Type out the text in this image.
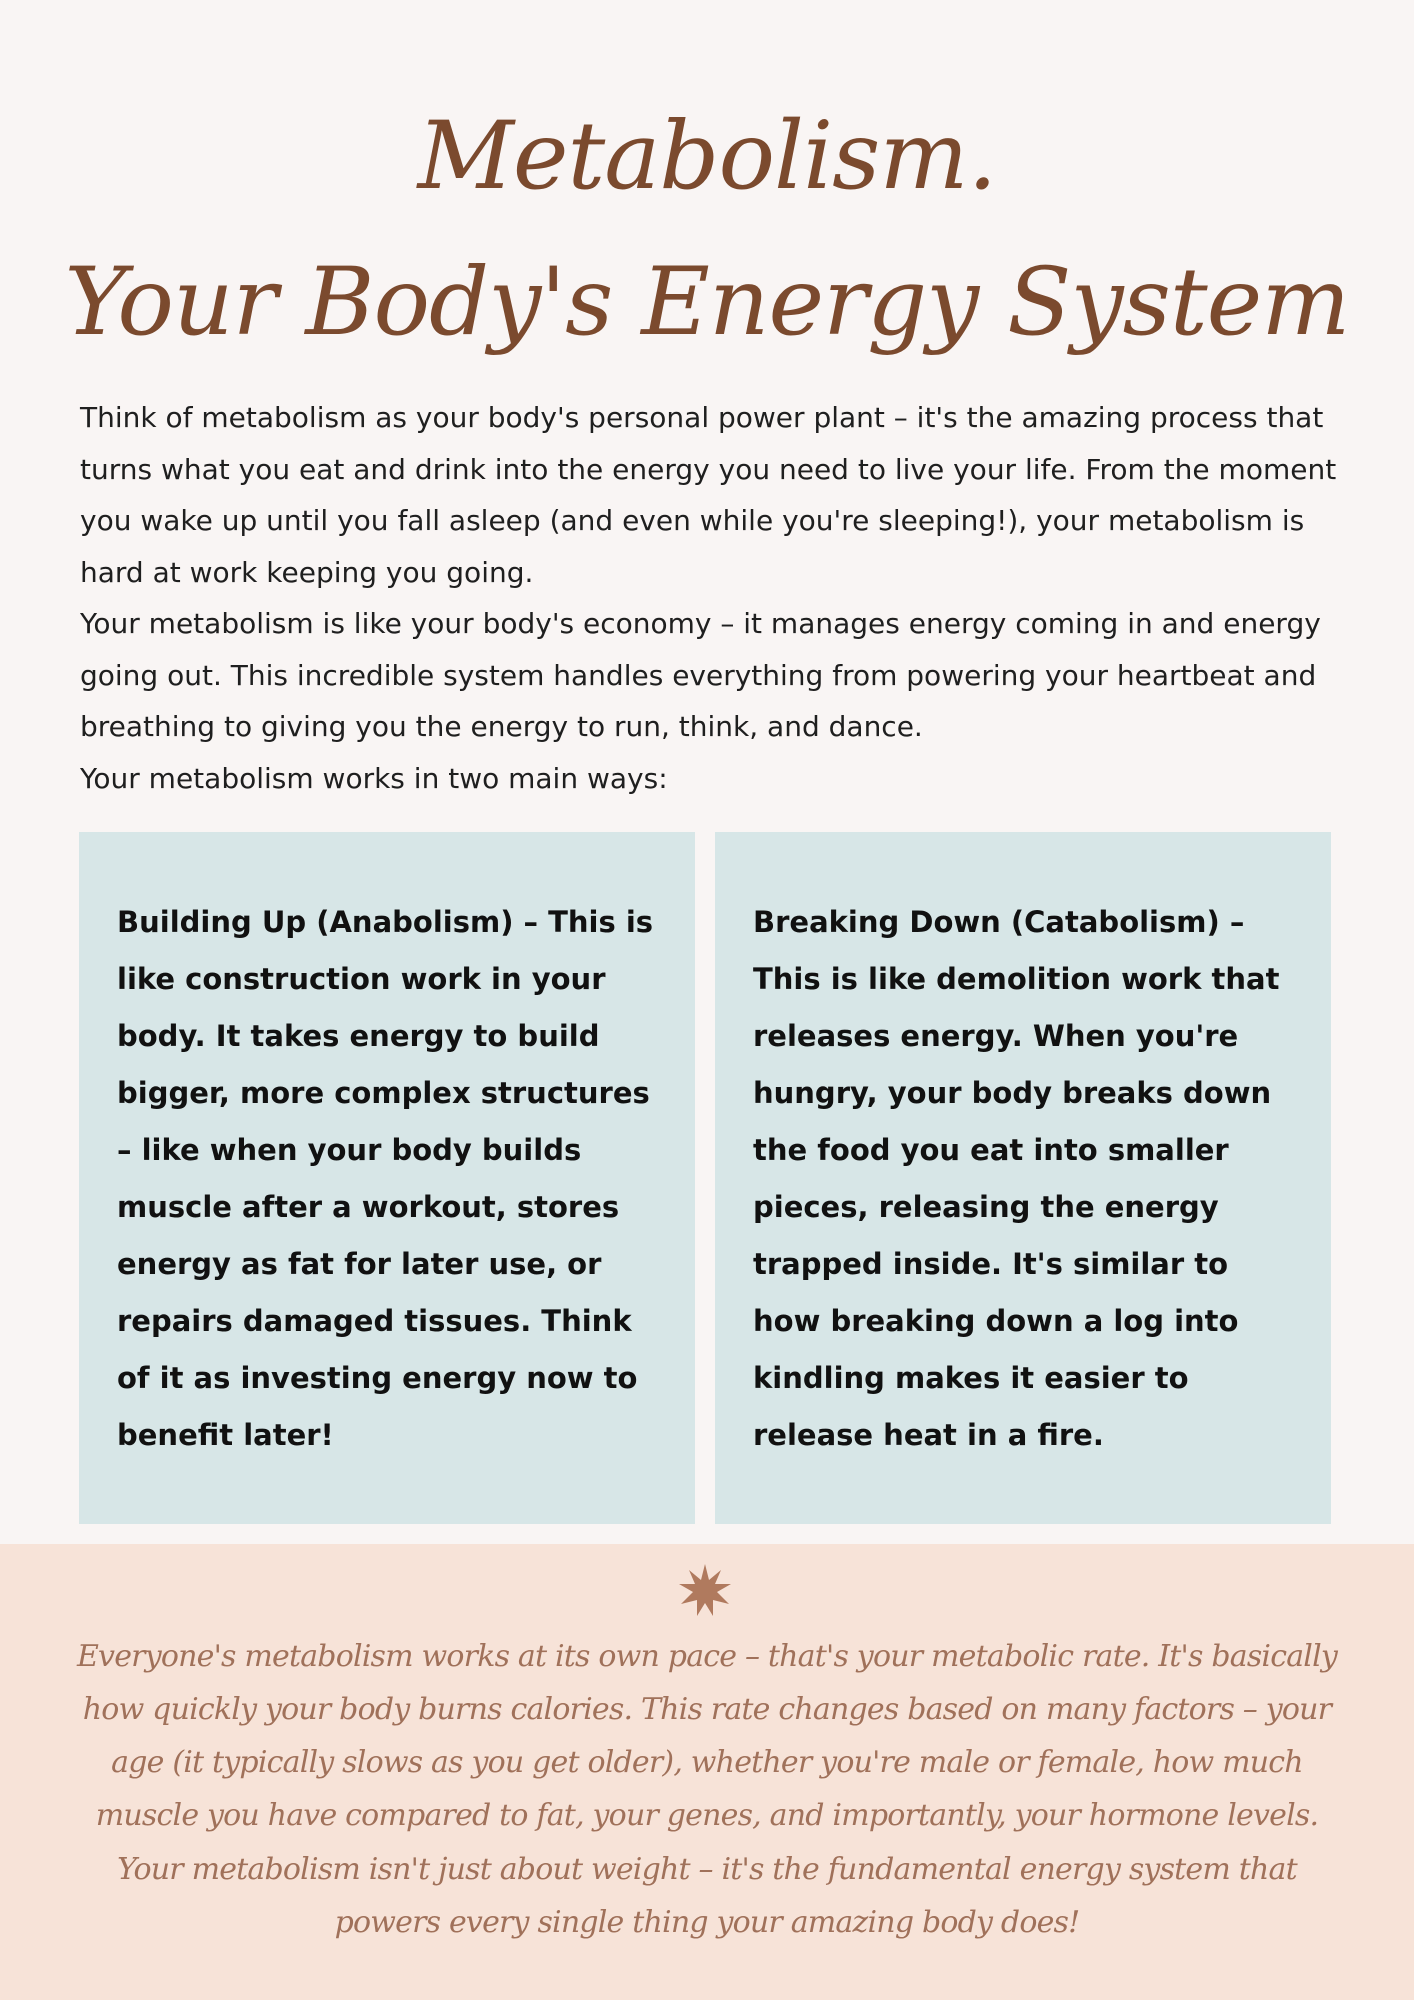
Metabolism.
Your Body's Energy System

Think of metabolism as your body's personal power plant – it's the amazing process that turns what you eat and drink into the energy you need to live your life. From the moment you wake up until you fall asleep (and even while you're sleeping!), your metabolism is hard at work keeping you going.

Your metabolism is like your body's economy – it manages energy coming in and energy going out. This incredible system handles everything from powering your heartbeat and breathing to giving you the energy to run, think, and dance.

Your metabolism works in two main ways:

Building Up (Anabolism) – This is like construction work in your body. It takes energy to build bigger, more complex structures – like when your body builds muscle after a workout, stores energy as fat for later use, or repairs damaged tissues. Think of it as investing energy now to benefit later!

Breaking Down (Catabolism) – This is like demolition work that releases energy. When you're hungry, your body breaks down the food you eat into smaller pieces, releasing the energy trapped inside. It's similar to how breaking down a log into kindling makes it easier to release heat in a fire.

Everyone's metabolism works at its own pace – that's your metabolic rate. It's basically how quickly your body burns calories. This rate changes based on many factors – your age (it typically slows as you get older), whether you're male or female, how much muscle you have compared to fat, your genes, and importantly, your hormone levels.

Your metabolism isn't just about weight – it's the fundamental energy system that powers every single thing your amazing body does!
